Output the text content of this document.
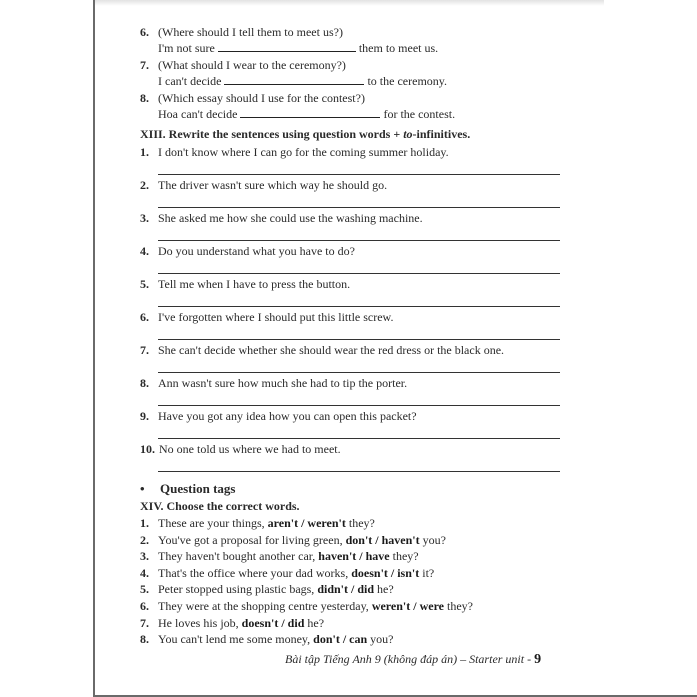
6. (Where should I tell them to meet us?)
I'm not sure	them to meet us.
7. (What should I wear to the ceremony?)
I can't decide	to the ceremony.
8. (Which essay should I use for the contest?)
Hoa can't decide	for the contest.
XIII. Rewrite the sentences using question words + to-infinitives.
1. I don't know where I can go for the coming summer holiday.
2. The driver wasn't sure which way he should go.
3. She asked me how she could use the washing machine.
4. Do you understand what you have to do?
5. Tell me when I have to press the button.
6. I've forgotten where I should put this little screw.
7. She can't decide whether she should wear the red dress or the black one.
8. Ann wasn't sure how much she had to tip the porter.
9. Have you got any idea how you can open this packet?
10. No one told us where we had to meet.
• Question tags
XIV. Choose the correct words.
1. These are your things, aren't / weren't they?
2. You've got a proposal for living green, don't / haven't you?
3. They haven't bought another car, haven't / have they?
4. That's the office where your dad works, doesn't / isn't it?
5. Peter stopped using plastic bags, didn't / did he?
6. They were at the shopping centre yesterday, weren't / were they?
7. He loves his job, doesn't / did he?
8. You can't lend me some money, don't / can you?
Bài tập Tiếng Anh 9 (không đáp án) – Starter unit - 9
